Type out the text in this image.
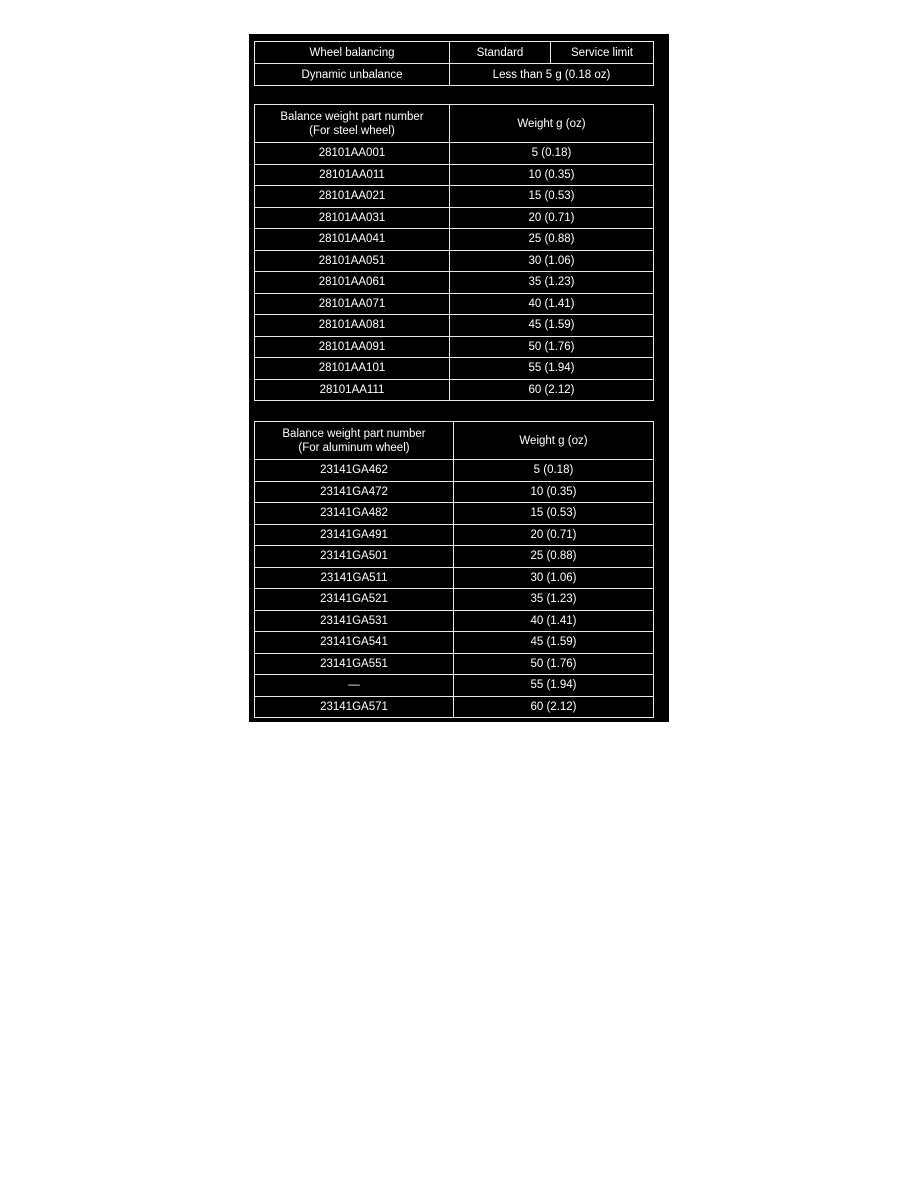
Wheel balancing	Standard	Service limit
Dynamic unbalance	Less than 5 g (0.18 oz)	
Balance weight part number
(For steel wheel)	Weight g (oz)
28101AA001	5 (0.18)
28101AA011	10 (0.35)
28101AA021	15 (0.53)
28101AA031	20 (0.71)
28101AA041	25 (0.88)
28101AA051	30 (1.06)
28101AA061	35 (1.23)
28101AA071	40 (1.41)
28101AA081	45 (1.59)
28101AA091	50 (1.76)
28101AA101	55 (1.94)
28101AA111	60 (2.12)
Balance weight part number
(For aluminum wheel)	Weight g (oz)
23141GA462	5 (0.18)
23141GA472	10 (0.35)
23141GA482	15 (0.53)
23141GA491	20 (0.71)
23141GA501	25 (0.88)
23141GA511	30 (1.06)
23141GA521	35 (1.23)
23141GA531	40 (1.41)
23141GA541	45 (1.59)
23141GA551	50 (1.76)
—	55 (1.94)
23141GA571	60 (2.12)
